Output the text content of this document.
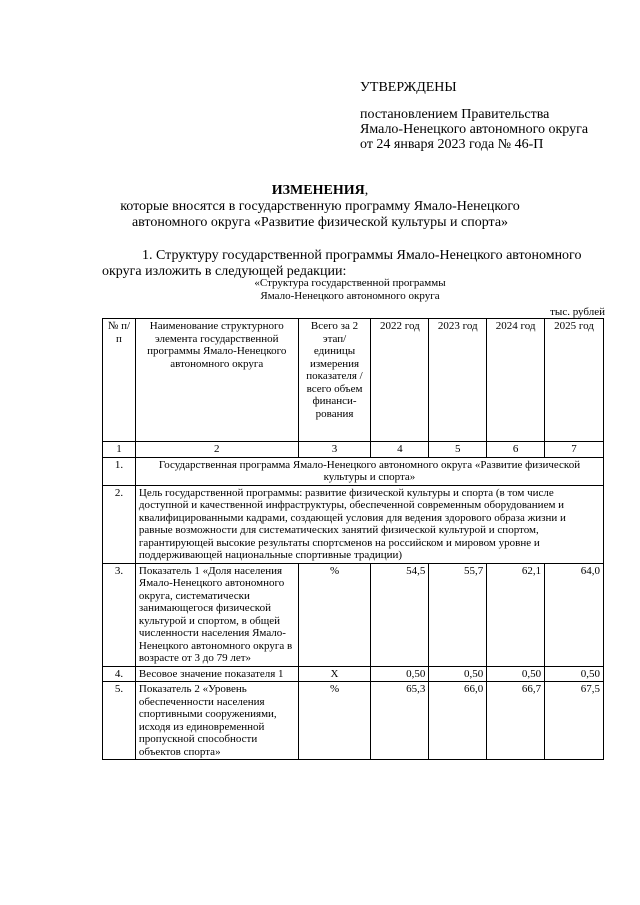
УТВЕРЖДЕНЫ
постановлением Правительства
Ямало-Ненецкого автономного округа
от 24 января 2023 года № 46-П
ИЗМЕНЕНИЯ,
которые вносятся в государственную программу Ямало-Ненецкого
автономного округа «Развитие физической культуры и спорта»
1. Структуру государственной программы Ямало-Ненецкого автономного
округа изложить в следующей редакции:
«Структура государственной программы
Ямало-Ненецкого автономного округа
тыс. рублей
№ п/п	Наименование структурного элемента государственной программы Ямало-Ненецкого автономного округа	Всего за 2 этап/ единицы измерения показателя /всего объем финанси-рования	2022 год	2023 год	2024 год	2025 год
1	2	3	4	5	6	7
1.	Государственная программа Ямало-Ненецкого автономного округа «Развитие физической культуры и спорта»					
2.	Цель государственной программы: развитие физической культуры и спорта (в том числе доступной и качественной инфраструктуры, обеспеченной современным оборудованием и квалифицированными кадрами, создающей условия для ведения здорового образа жизни и равные возможности для систематических занятий физической культурой и спортом, гарантирующей высокие результаты спортсменов на российском и мировом уровне и поддерживающей национальные спортивные традиции)					
3.	Показатель 1 «Доля населения Ямало-Ненецкого автономного округа, систематически занимающегося физической культурой и спортом, в общей численности населения Ямало-Ненецкого автономного округа в возрасте от 3 до 79 лет»	%	54,5	55,7	62,1	64,0
4.	Весовое значение показателя 1	Х	0,50	0,50	0,50	0,50
5.	Показатель 2 «Уровень обеспеченности населения спортивными сооружениями, исходя из единовременной пропускной способности объектов спорта»	%	65,3	66,0	66,7	67,5
